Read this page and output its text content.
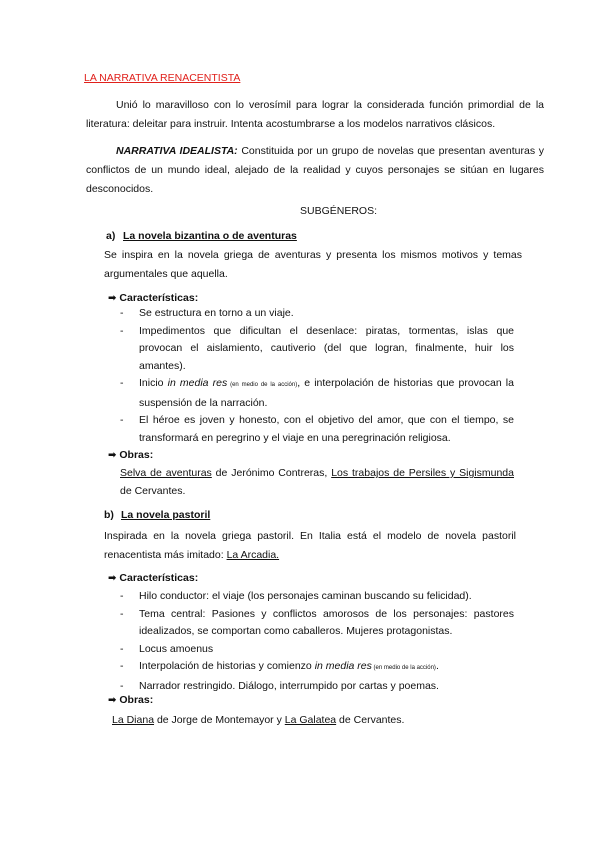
LA NARRATIVA RENACENTISTA

Unió lo maravilloso con lo verosímil para lograr la considerada función primordial de la literatura: deleitar para instruir. Intenta acostumbrarse a los modelos narrativos clásicos.

NARRATIVA IDEALISTA: Constituida por un grupo de novelas que presentan aventuras y conflictos de un mundo ideal, alejado de la realidad y cuyos personajes se sitúan en lugares desconocidos.

SUBGÉNEROS:
a) La novela bizantina o de aventuras

Se inspira en la novela griega de aventuras y presenta los mismos motivos y temas argumentales que aquella.

➡ Características:
- Se estructura en torno a un viaje.
- Impedimentos que dificultan el desenlace: piratas, tormentas, islas que provocan el aislamiento, cautiverio (del que logran, finalmente, huir los amantes).
- Inicio in media res (en medio de la acción), e interpolación de historias que provocan la suspensión de la narración.
- El héroe es joven y honesto, con el objetivo del amor, que con el tiempo, se transformará en peregrino y el viaje en una peregrinación religiosa.
➡ Obras:

Selva de aventuras de Jerónimo Contreras, Los trabajos de Persiles y Sigismunda de Cervantes.

b) La novela pastoril

Inspirada en la novela griega pastoril. En Italia está el modelo de novela pastoril renacentista más imitado: La Arcadia.

➡ Características:
- Hilo conductor: el viaje (los personajes caminan buscando su felicidad).
- Tema central: Pasiones y conflictos amorosos de los personajes: pastores idealizados, se comportan como caballeros. Mujeres protagonistas.
- Locus amoenus
- Interpolación de historias y comienzo in media res (en medio de la acción).
- Narrador restringido. Diálogo, interrumpido por cartas y poemas.
➡ Obras:

La Diana de Jorge de Montemayor y La Galatea de Cervantes.
